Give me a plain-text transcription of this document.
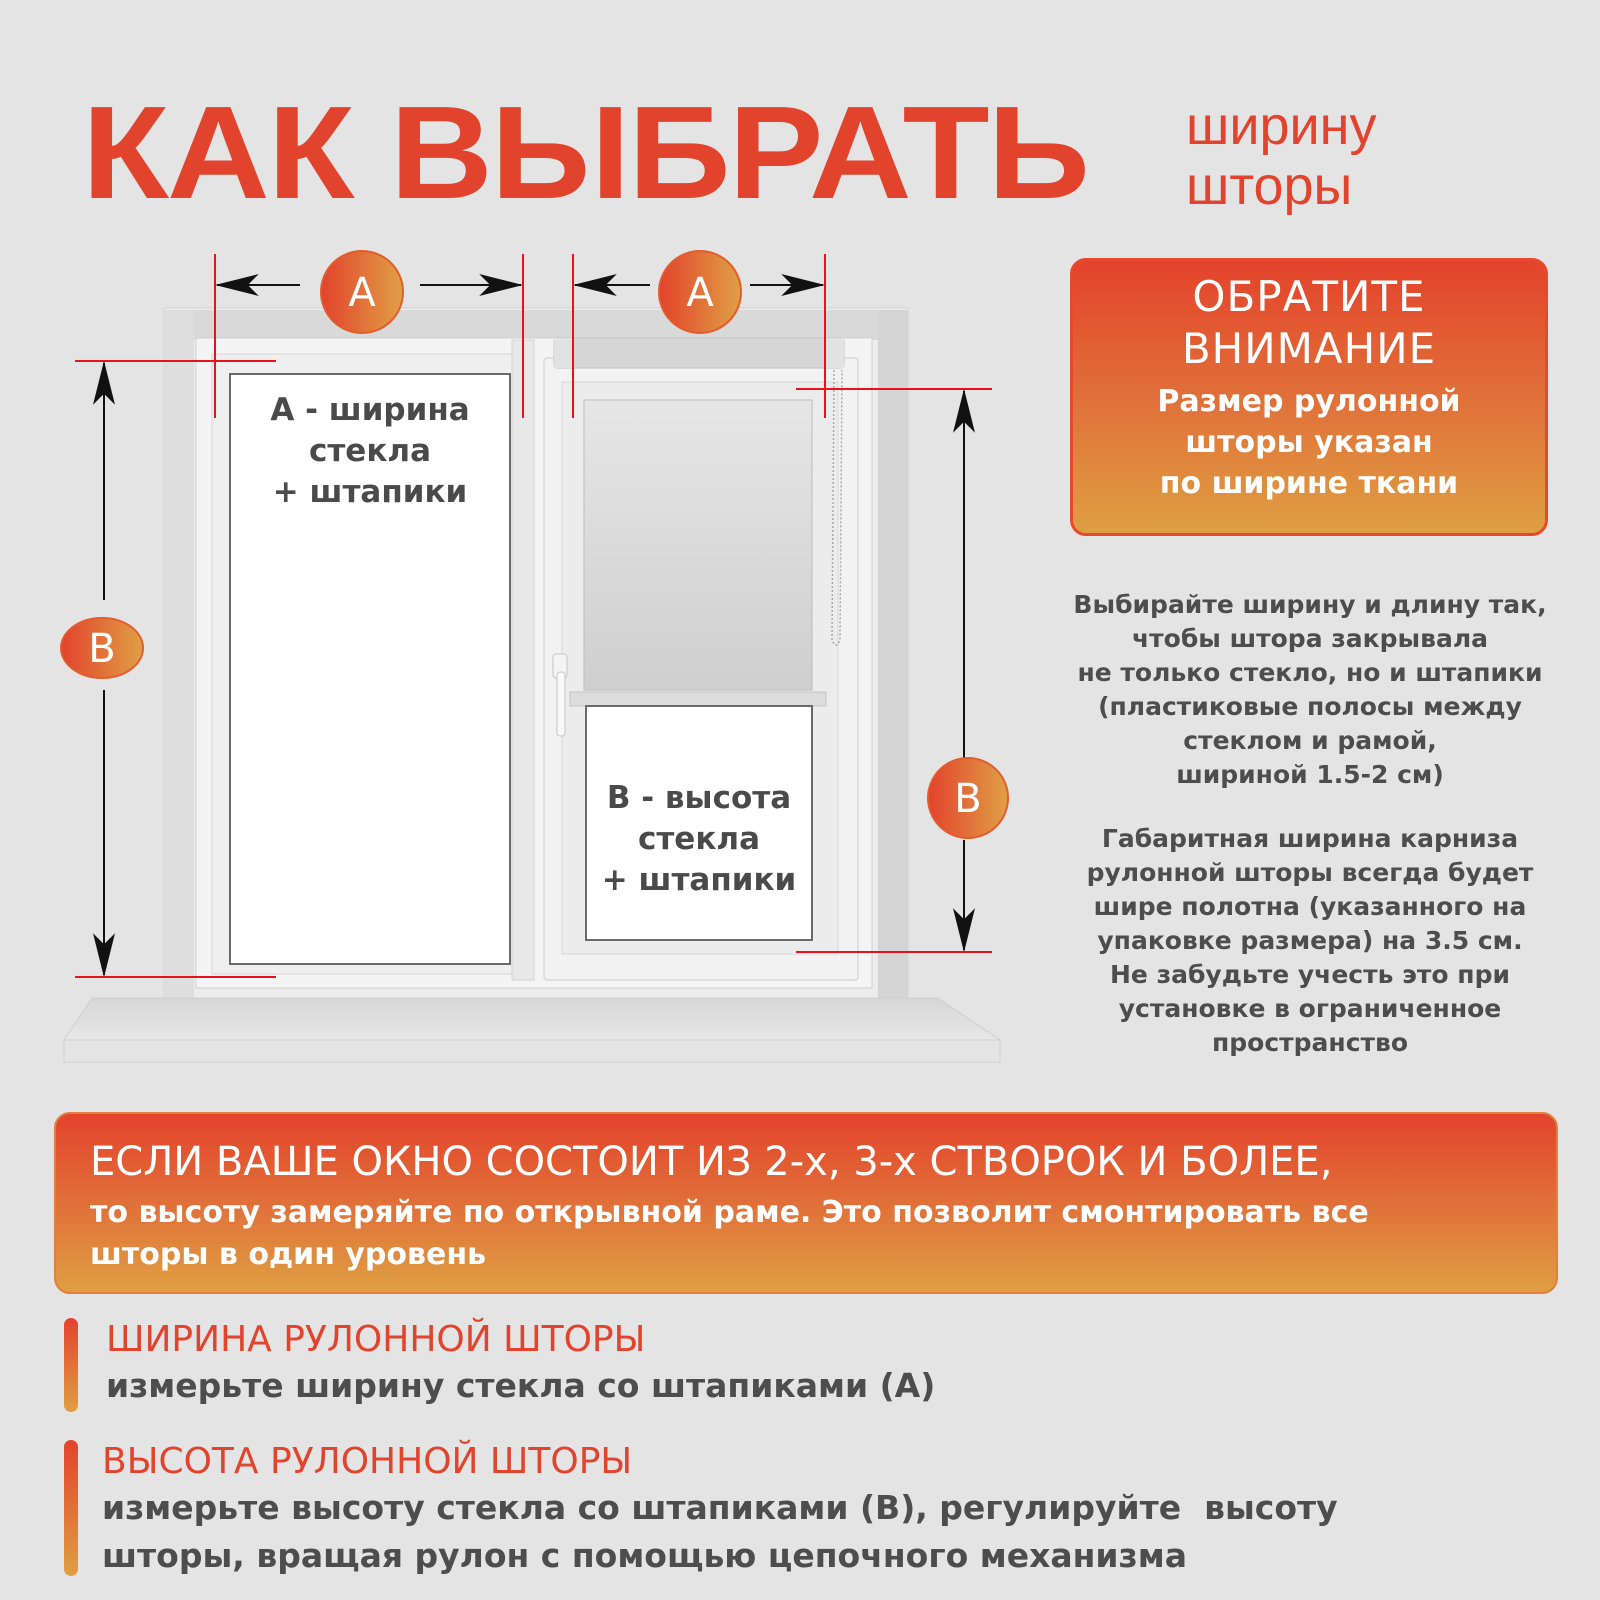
КАК ВЫБРАТЬ ширину
шторы
A	A
B
B
A - ширина
стекла
+ штапики
B - высота
стекла
+ штапики
ОБРАТИТЕ
ВНИМАНИЕ
Размер рулонной
шторы указан
по ширине ткани
Выбирайте ширину и длину так,
чтобы штора закрывала
не только стекло, но и штапики
(пластиковые полосы между
стеклом и рамой,
шириной 1.5-2 см)
Габаритная ширина карниза
рулонной шторы всегда будет
шире полотна (указанного на
упаковке размера) на 3.5 см.
Не забудьте учесть это при
установке в ограниченное
пространство
ЕСЛИ ВАШЕ ОКНО СОСТОИТ ИЗ 2-х, 3-х СТВОРОК И БОЛЕЕ,
то высоту замеряйте по открывной раме. Это позволит смонтировать все
шторы в один уровень
ШИРИНА РУЛОННОЙ ШТОРЫ
измерьте ширину стекла со штапиками (А)
ВЫСОТА РУЛОННОЙ ШТОРЫ
измерьте высоту стекла со штапиками (В), регулируйте  высоту
шторы, вращая рулон с помощью цепочного механизма
